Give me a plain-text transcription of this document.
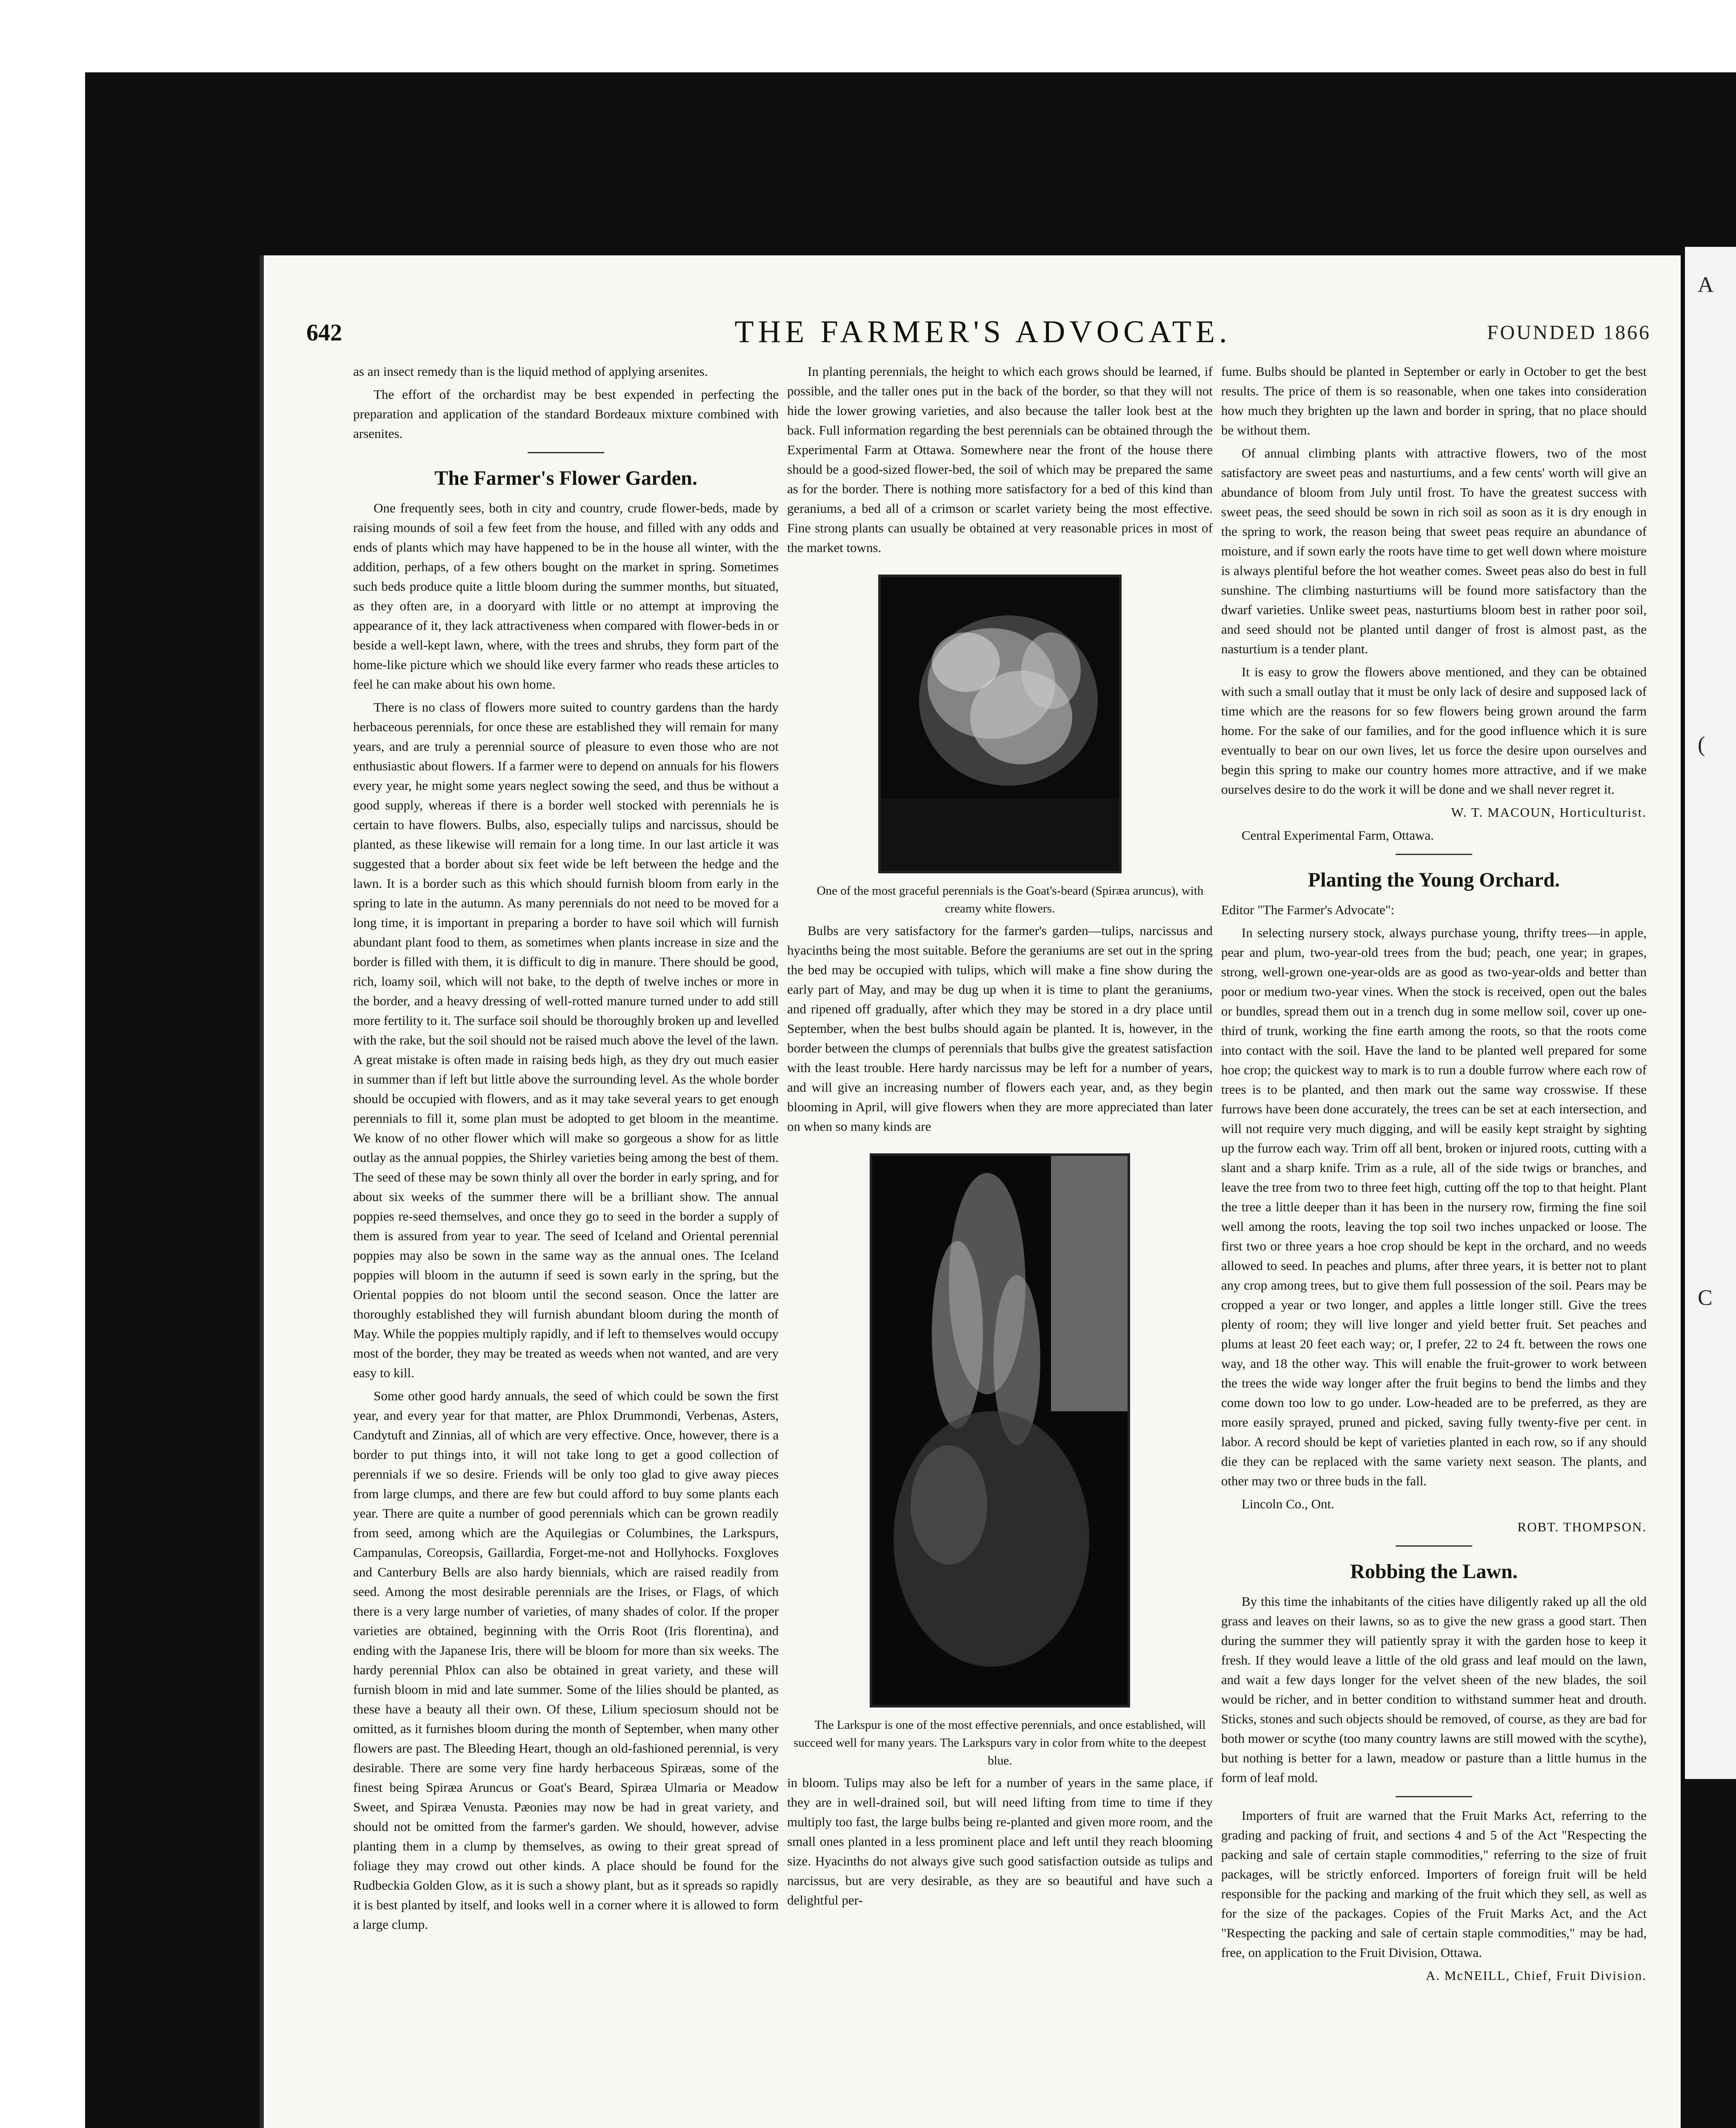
A
(
C
642	THE FARMER'S ADVOCATE.	FOUNDED 1866

as an insect remedy than is the liquid method of applying arsenites.

The effort of the orchardist may be best expended in perfecting the preparation and application of the standard Bordeaux mixture combined with arsenites.

The Farmer's Flower Garden.

One frequently sees, both in city and country, crude flower-beds, made by raising mounds of soil a few feet from the house, and filled with any odds and ends of plants which may have happened to be in the house all winter, with the addition, perhaps, of a few others bought on the market in spring. Sometimes such beds produce quite a little bloom during the summer months, but situated, as they often are, in a dooryard with little or no attempt at improving the appearance of it, they lack attractiveness when compared with flower-beds in or beside a well-kept lawn, where, with the trees and shrubs, they form part of the home-like picture which we should like every farmer who reads these articles to feel he can make about his own home.

There is no class of flowers more suited to country gardens than the hardy herbaceous perennials, for once these are established they will remain for many years, and are truly a perennial source of pleasure to even those who are not enthusiastic about flowers. If a farmer were to depend on annuals for his flowers every year, he might some years neglect sowing the seed, and thus be without a good supply, whereas if there is a border well stocked with perennials he is certain to have flowers. Bulbs, also, especially tulips and narcissus, should be planted, as these likewise will remain for a long time. In our last article it was suggested that a border about six feet wide be left between the hedge and the lawn. It is a border such as this which should furnish bloom from early in the spring to late in the autumn. As many perennials do not need to be moved for a long time, it is important in preparing a border to have soil which will furnish abundant plant food to them, as sometimes when plants increase in size and the border is filled with them, it is difficult to dig in manure. There should be good, rich, loamy soil, which will not bake, to the depth of twelve inches or more in the border, and a heavy dressing of well-rotted manure turned under to add still more fertility to it. The surface soil should be thoroughly broken up and levelled with the rake, but the soil should not be raised much above the level of the lawn. A great mistake is often made in raising beds high, as they dry out much easier in summer than if left but little above the surrounding level. As the whole border should be occupied with flowers, and as it may take several years to get enough perennials to fill it, some plan must be adopted to get bloom in the meantime. We know of no other flower which will make so gorgeous a show for as little outlay as the annual poppies, the Shirley varieties being among the best of them. The seed of these may be sown thinly all over the border in early spring, and for about six weeks of the summer there will be a brilliant show. The annual poppies re-seed themselves, and once they go to seed in the border a supply of them is assured from year to year. The seed of Iceland and Oriental perennial poppies may also be sown in the same way as the annual ones. The Iceland poppies will bloom in the autumn if seed is sown early in the spring, but the Oriental poppies do not bloom until the second season. Once the latter are thoroughly established they will furnish abundant bloom during the month of May. While the poppies multiply rapidly, and if left to themselves would occupy most of the border, they may be treated as weeds when not wanted, and are very easy to kill.

Some other good hardy annuals, the seed of which could be sown the first year, and every year for that matter, are Phlox Drummondi, Verbenas, Asters, Candytuft and Zinnias, all of which are very effective. Once, however, there is a border to put things into, it will not take long to get a good collection of perennials if we so desire. Friends will be only too glad to give away pieces from large clumps, and there are few but could afford to buy some plants each year. There are quite a number of good perennials which can be grown readily from seed, among which are the Aquilegias or Columbines, the Larkspurs, Campanulas, Coreopsis, Gaillardia, Forget-me-not and Hollyhocks. Foxgloves and Canterbury Bells are also hardy biennials, which are raised readily from seed. Among the most desirable perennials are the Irises, or Flags, of which there is a very large number of varieties, of many shades of color. If the proper varieties are obtained, beginning with the Orris Root (Iris florentina), and ending with the Japanese Iris, there will be bloom for more than six weeks. The hardy perennial Phlox can also be obtained in great variety, and these will furnish bloom in mid and late summer. Some of the lilies should be planted, as these have a beauty all their own. Of these, Lilium speciosum should not be omitted, as it furnishes bloom during the month of September, when many other flowers are past. The Bleeding Heart, though an old-fashioned perennial, is very desirable. There are some very fine hardy herbaceous Spiræas, some of the finest being Spiræa Aruncus or Goat's Beard, Spiræa Ulmaria or Meadow Sweet, and Spiræa Venusta. Pæonies may now be had in great variety, and should not be omitted from the farmer's garden. We should, however, advise planting them in a clump by themselves, as owing to their great spread of foliage they may crowd out other kinds. A place should be found for the Rudbeckia Golden Glow, as it is such a showy plant, but as it spreads so rapidly it is best planted by itself, and looks well in a corner where it is allowed to form a large clump.

In planting perennials, the height to which each grows should be learned, if possible, and the taller ones put in the back of the border, so that they will not hide the lower growing varieties, and also because the taller look best at the back. Full information regarding the best perennials can be obtained through the Experimental Farm at Ottawa. Somewhere near the front of the house there should be a good-sized flower-bed, the soil of which may be prepared the same as for the border. There is nothing more satisfactory for a bed of this kind than geraniums, a bed all of a crimson or scarlet variety being the most effective. Fine strong plants can usually be obtained at very reasonable prices in most of the market towns.

One of the most graceful perennials is the Goat's-beard (Spiræa aruncus), with creamy white flowers.

Bulbs are very satisfactory for the farmer's garden—tulips, narcissus and hyacinths being the most suitable. Before the geraniums are set out in the spring the bed may be occupied with tulips, which will make a fine show during the early part of May, and may be dug up when it is time to plant the geraniums, and ripened off gradually, after which they may be stored in a dry place until September, when the best bulbs should again be planted. It is, however, in the border between the clumps of perennials that bulbs give the greatest satisfaction with the least trouble. Here hardy narcissus may be left for a number of years, and will give an increasing number of flowers each year, and, as they begin blooming in April, will give flowers when they are more appreciated than later on when so many kinds are

The Larkspur is one of the most effective perennials, and once established, will succeed well for many years. The Larkspurs vary in color from white to the deepest blue.

in bloom. Tulips may also be left for a number of years in the same place, if they are in well-drained soil, but will need lifting from time to time if they multiply too fast, the large bulbs being re-planted and given more room, and the small ones planted in a less prominent place and left until they reach blooming size. Hyacinths do not always give such good satisfaction outside as tulips and narcissus, but are very desirable, as they are so beautiful and have such a delightful per-

fume. Bulbs should be planted in September or early in October to get the best results. The price of them is so reasonable, when one takes into consideration how much they brighten up the lawn and border in spring, that no place should be without them.

Of annual climbing plants with attractive flowers, two of the most satisfactory are sweet peas and nasturtiums, and a few cents' worth will give an abundance of bloom from July until frost. To have the greatest success with sweet peas, the seed should be sown in rich soil as soon as it is dry enough in the spring to work, the reason being that sweet peas require an abundance of moisture, and if sown early the roots have time to get well down where moisture is always plentiful before the hot weather comes. Sweet peas also do best in full sunshine. The climbing nasturtiums will be found more satisfactory than the dwarf varieties. Unlike sweet peas, nasturtiums bloom best in rather poor soil, and seed should not be planted until danger of frost is almost past, as the nasturtium is a tender plant.

It is easy to grow the flowers above mentioned, and they can be obtained with such a small outlay that it must be only lack of desire and supposed lack of time which are the reasons for so few flowers being grown around the farm home. For the sake of our families, and for the good influence which it is sure eventually to bear on our own lives, let us force the desire upon ourselves and begin this spring to make our country homes more attractive, and if we make ourselves desire to do the work it will be done and we shall never regret it.

W. T. MACOUN, Horticulturist.

Central Experimental Farm, Ottawa.

Planting the Young Orchard.

Editor "The Farmer's Advocate":

In selecting nursery stock, always purchase young, thrifty trees—in apple, pear and plum, two-year-old trees from the bud; peach, one year; in grapes, strong, well-grown one-year-olds are as good as two-year-olds and better than poor or medium two-year vines. When the stock is received, open out the bales or bundles, spread them out in a trench dug in some mellow soil, cover up one-third of trunk, working the fine earth among the roots, so that the roots come into contact with the soil. Have the land to be planted well prepared for some hoe crop; the quickest way to mark is to run a double furrow where each row of trees is to be planted, and then mark out the same way crosswise. If these furrows have been done accurately, the trees can be set at each intersection, and will not require very much digging, and will be easily kept straight by sighting up the furrow each way. Trim off all bent, broken or injured roots, cutting with a slant and a sharp knife. Trim as a rule, all of the side twigs or branches, and leave the tree from two to three feet high, cutting off the top to that height. Plant the tree a little deeper than it has been in the nursery row, firming the fine soil well among the roots, leaving the top soil two inches unpacked or loose. The first two or three years a hoe crop should be kept in the orchard, and no weeds allowed to seed. In peaches and plums, after three years, it is better not to plant any crop among trees, but to give them full possession of the soil. Pears may be cropped a year or two longer, and apples a little longer still. Give the trees plenty of room; they will live longer and yield better fruit. Set peaches and plums at least 20 feet each way; or, I prefer, 22 to 24 ft. between the rows one way, and 18 the other way. This will enable the fruit-grower to work between the trees the wide way longer after the fruit begins to bend the limbs and they come down too low to go under. Low-headed are to be preferred, as they are more easily sprayed, pruned and picked, saving fully twenty-five per cent. in labor. A record should be kept of varieties planted in each row, so if any should die they can be replaced with the same variety next season. The plants, and other may two or three buds in the fall.

Lincoln Co., Ont.

ROBT. THOMPSON.

Robbing the Lawn.

By this time the inhabitants of the cities have diligently raked up all the old grass and leaves on their lawns, so as to give the new grass a good start. Then during the summer they will patiently spray it with the garden hose to keep it fresh. If they would leave a little of the old grass and leaf mould on the lawn, and wait a few days longer for the velvet sheen of the new blades, the soil would be richer, and in better condition to withstand summer heat and drouth. Sticks, stones and such objects should be removed, of course, as they are bad for both mower or scythe (too many country lawns are still mowed with the scythe), but nothing is better for a lawn, meadow or pasture than a little humus in the form of leaf mold.

Importers of fruit are warned that the Fruit Marks Act, referring to the grading and packing of fruit, and sections 4 and 5 of the Act "Respecting the packing and sale of certain staple commodities," referring to the size of fruit packages, will be strictly enforced. Importers of foreign fruit will be held responsible for the packing and marking of the fruit which they sell, as well as for the size of the packages. Copies of the Fruit Marks Act, and the Act "Respecting the packing and sale of certain staple commodities," may be had, free, on application to the Fruit Division, Ottawa.

A. McNEILL, Chief, Fruit Division.
